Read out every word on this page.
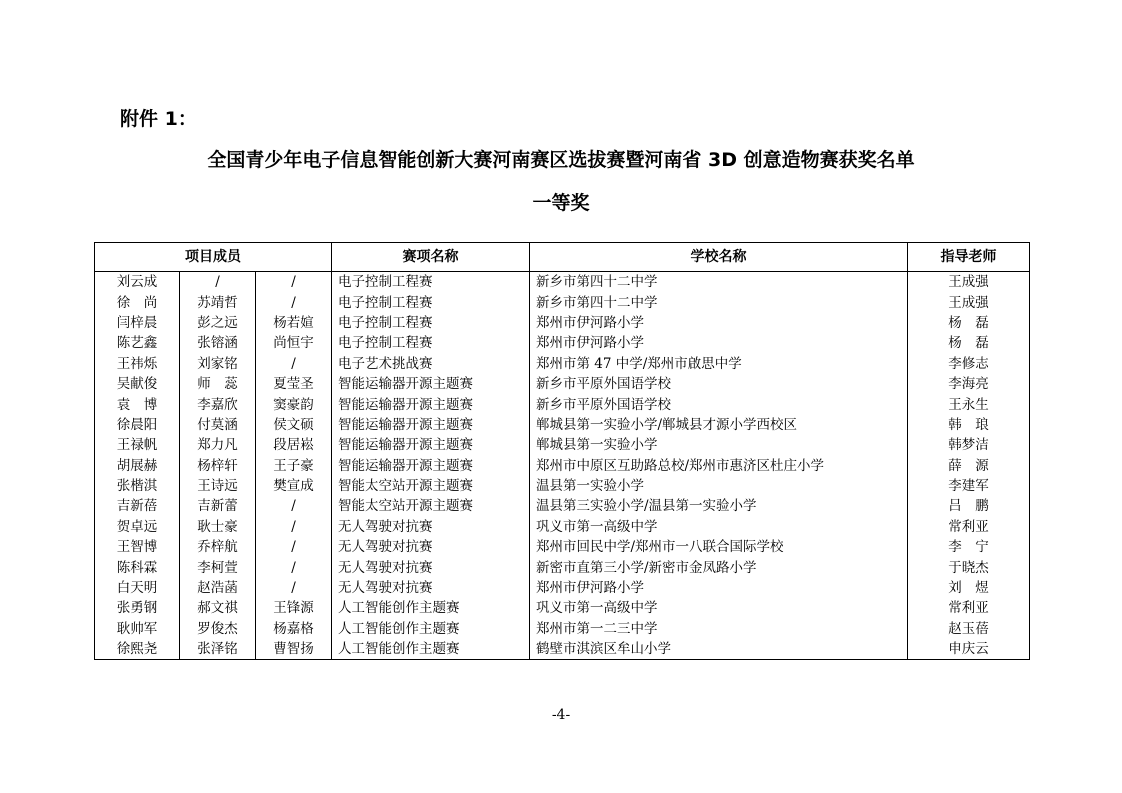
附件 1：
全国青少年电子信息智能创新大赛河南赛区选拔赛暨河南省 3D 创意造物赛获奖名单
一等奖
项目成员			赛项名称	学校名称	指导老师
刘云成	/	/	电子控制工程赛	新乡市第四十二中学	王成强
徐　尚	苏靖哲	/	电子控制工程赛	新乡市第四十二中学	王成强
闫梓晨	彭之远	杨若媗	电子控制工程赛	郑州市伊河路小学	杨　磊
陈艺鑫	张镕涵	尚恒宇	电子控制工程赛	郑州市伊河路小学	杨　磊
王祎烁	刘家铭	/	电子艺术挑战赛	郑州市第 47 中学/郑州市啟思中学	李修志
吴献俊	师　蕊	夏莹圣	智能运输器开源主题赛	新乡市平原外国语学校	李海亮
袁　博	李嘉欣	窦豪韵	智能运输器开源主题赛	新乡市平原外国语学校	王永生
徐晨阳	付莫涵	侯文硕	智能运输器开源主题赛	郸城县第一实验小学/郸城县才源小学西校区	韩　琅
王禄帆	郑力凡	段居崧	智能运输器开源主题赛	郸城县第一实验小学	韩梦洁
胡展赫	杨梓轩	王子豪	智能运输器开源主题赛	郑州市中原区互助路总校/郑州市惠济区杜庄小学	薛　源
张楷淇	王诗远	樊宣成	智能太空站开源主题赛	温县第一实验小学	李建军
吉新蓓	吉新蕾	/	智能太空站开源主题赛	温县第三实验小学/温县第一实验小学	吕　鹏
贺卓远	耿士豪	/	无人驾驶对抗赛	巩义市第一高级中学	常利亚
王智博	乔梓航	/	无人驾驶对抗赛	郑州市回民中学/郑州市一八联合国际学校	李　宁
陈科霖	李柯萱	/	无人驾驶对抗赛	新密市直第三小学/新密市金凤路小学	于晓杰
白天明	赵浩菡	/	无人驾驶对抗赛	郑州市伊河路小学	刘　煜
张勇钢	郝文祺	王锋源	人工智能创作主题赛	巩义市第一高级中学	常利亚
耿帅军	罗俊杰	杨嘉格	人工智能创作主题赛	郑州市第一二三中学	赵玉蓓
徐熙尧	张泽铭	曹智扬	人工智能创作主题赛	鹤壁市淇滨区牟山小学	申庆云
-4-
